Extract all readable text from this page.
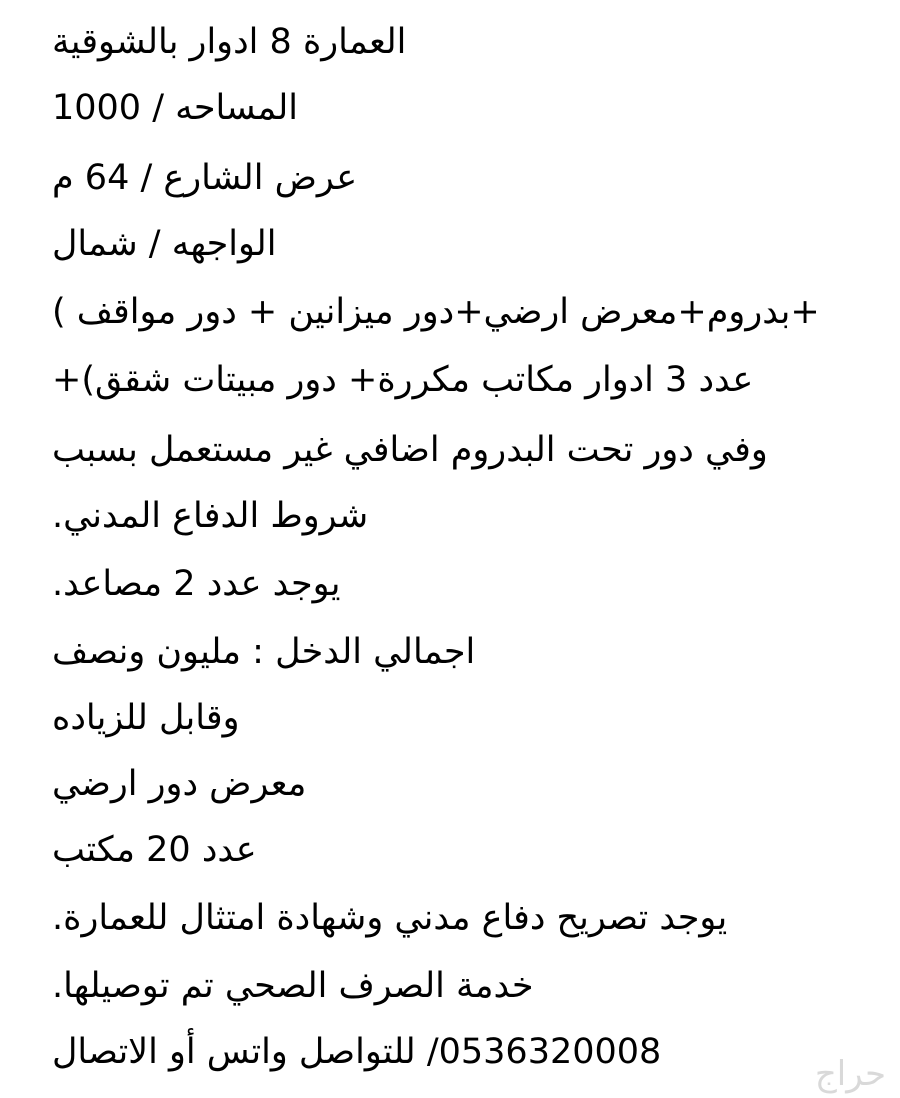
العمارة 8 ادوار بالشوقية
المساحه / 1000
عرض الشارع / 64 م
الواجهه / شمال
+بدروم+معرض ارضي+دور ميزانين + دور مواقف )
عدد 3 ادوار مكاتب مكررة+ دور مبيتات شقق)+
وفي دور تحت البدروم اضافي غير مستعمل بسبب
شروط الدفاع المدني.
يوجد عدد 2 مصاعد.
اجمالي الدخل : مليون ونصف
وقابل للزياده
معرض دور ارضي
عدد 20 مكتب
يوجد تصريح دفاع مدني وشهادة امتثال للعمارة.
خدمة الصرف الصحي تم توصيلها.
0536320008/ للتواصل واتس أو الاتصال
حراج
